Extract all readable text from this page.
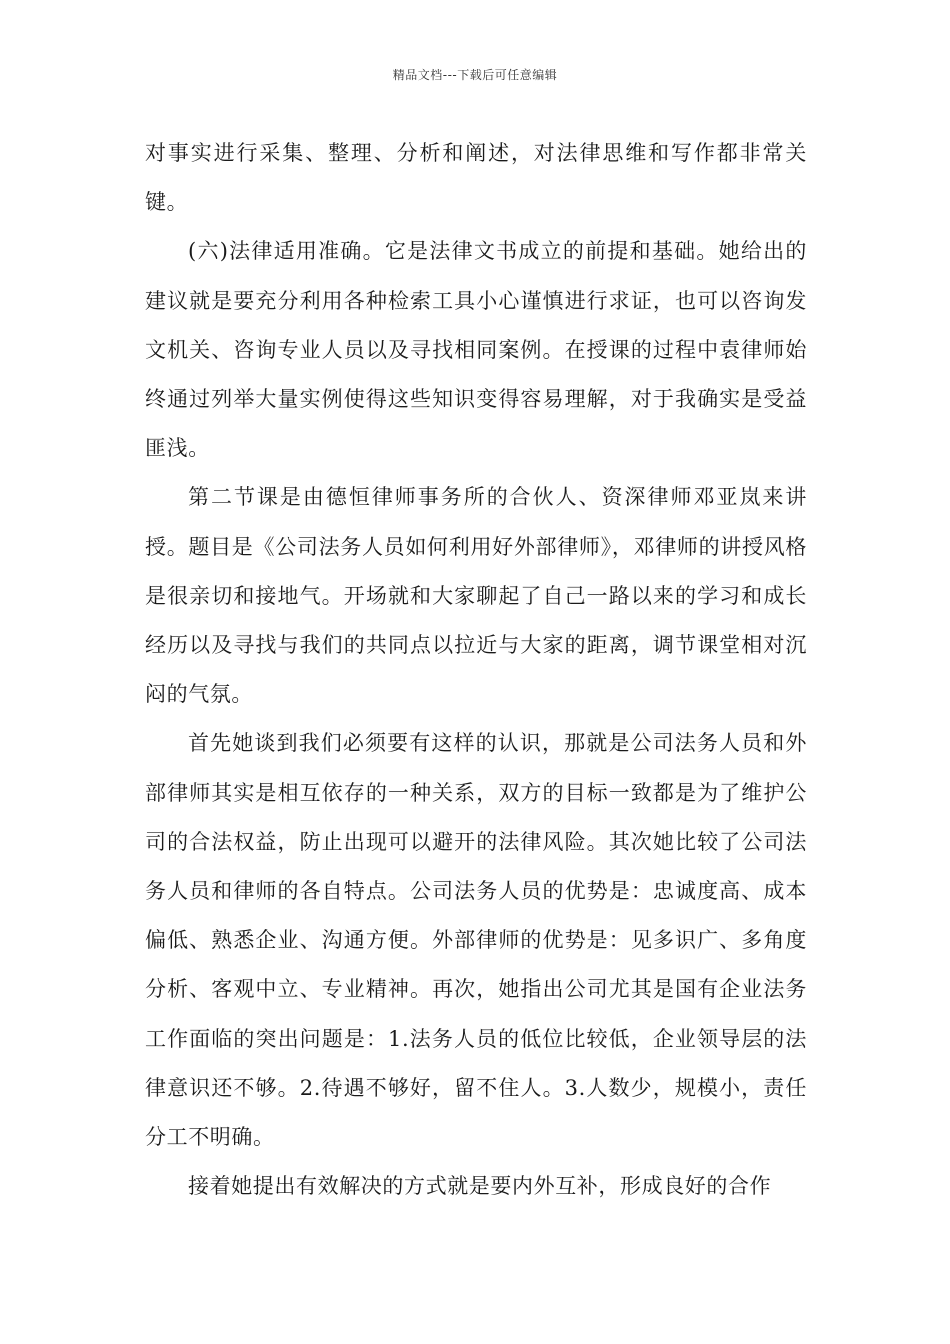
精品文档---下载后可任意编辑

对事实进行采集、整理、分析和阐述，对法律思维和写作都非常关键。

(六)法律适用准确。它是法律文书成立的前提和基础。她给出的建议就是要充分利用各种检索工具小心谨慎进行求证，也可以咨询发文机关、咨询专业人员以及寻找相同案例。在授课的过程中袁律师始终通过列举大量实例使得这些知识变得容易理解，对于我确实是受益匪浅。

第二节课是由德恒律师事务所的合伙人、资深律师邓亚岚来讲授。题目是《公司法务人员如何利用好外部律师》，邓律师的讲授风格是很亲切和接地气。开场就和大家聊起了自己一路以来的学习和成长经历以及寻找与我们的共同点以拉近与大家的距离，调节课堂相对沉闷的气氛。

首先她谈到我们必须要有这样的认识，那就是公司法务人员和外部律师其实是相互依存的一种关系，双方的目标一致都是为了维护公司的合法权益，防止出现可以避开的法律风险。其次她比较了公司法务人员和律师的各自特点。公司法务人员的优势是：忠诚度高、成本偏低、熟悉企业、沟通方便。外部律师的优势是：见多识广、多角度分析、客观中立、专业精神。再次，她指出公司尤其是国有企业法务工作面临的突出问题是：1.法务人员的低位比较低，企业领导层的法律意识还不够。2.待遇不够好，留不住人。3.人数少，规模小，责任分工不明确。

接着她提出有效解决的方式就是要内外互补，形成良好的合作
